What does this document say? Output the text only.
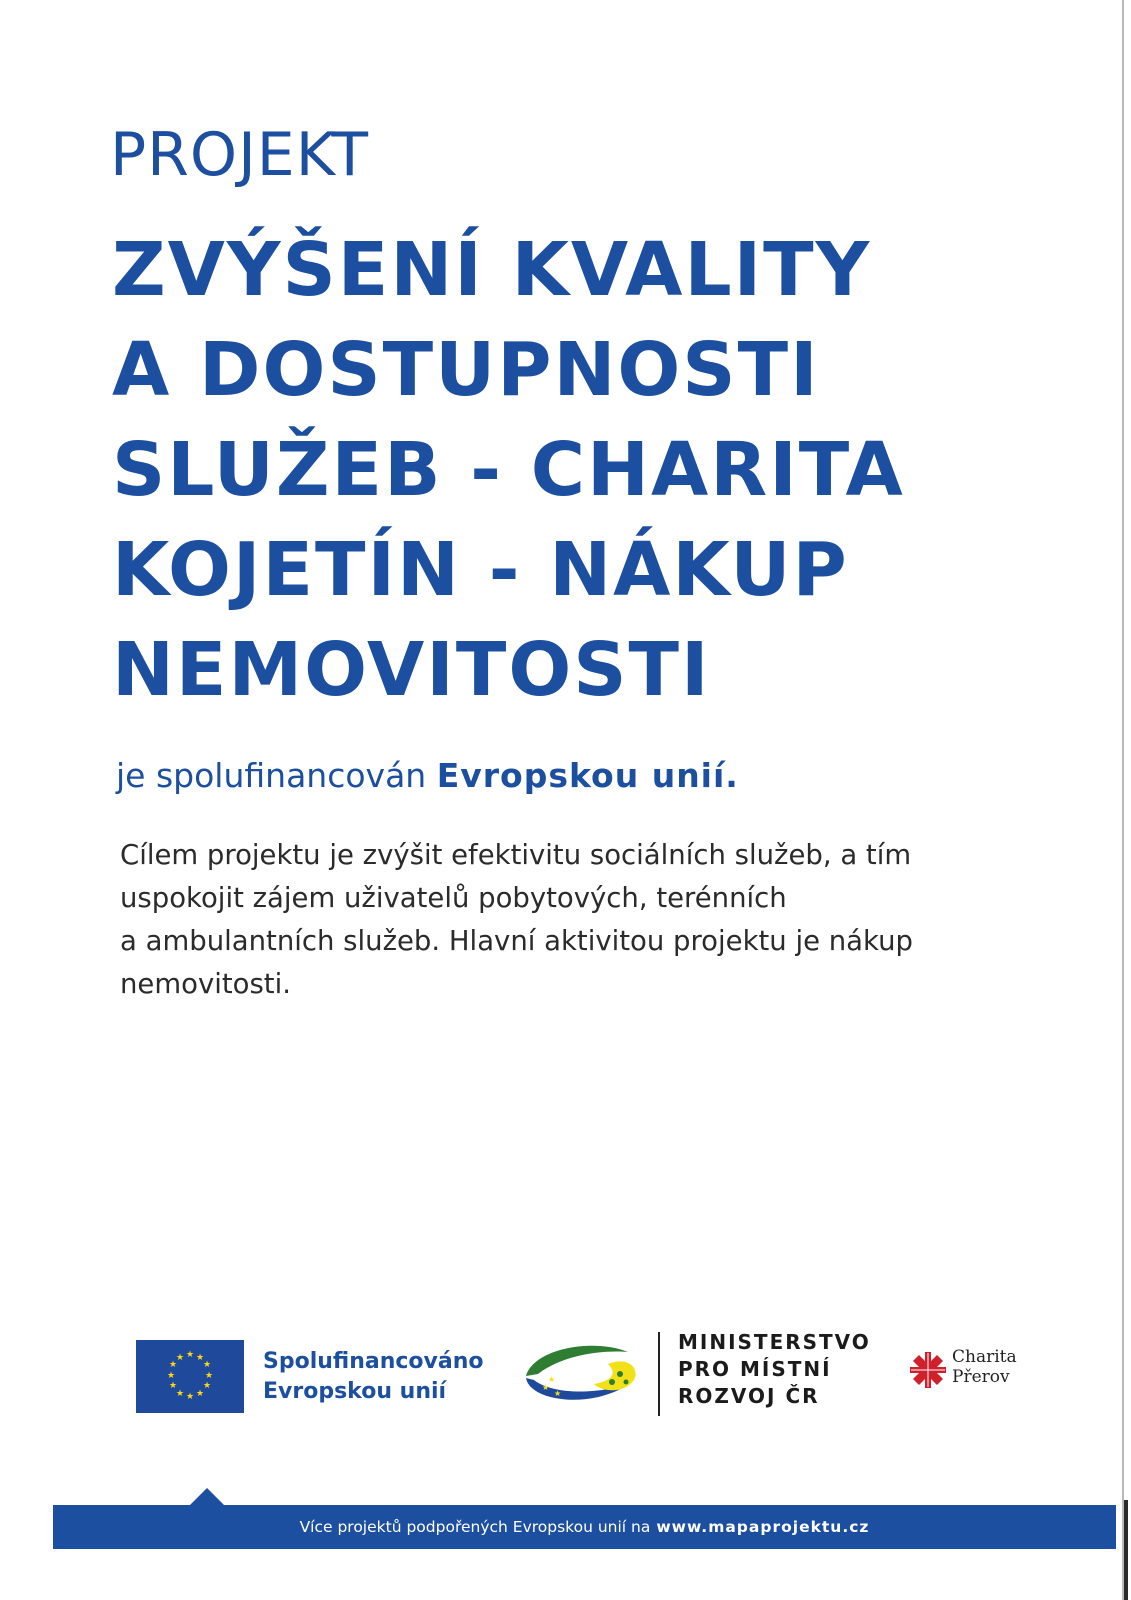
PROJEKT
ZVÝŠENÍ KVALITY
A DOSTUPNOSTI
SLUŽEB - CHARITA
KOJETÍN - NÁKUP
NEMOVITOSTI
je spolufinancován Evropskou unií.

Cílem projektu je zvýšit efektivitu sociálních služeb, a tím
uspokojit zájem uživatelů pobytových, terénních
a ambulantních služeb. Hlavní aktivitou projektu je nákup
nemovitosti.

★ ★
★
★
★
★
★
★
★
★
★
★	Spolufinancováno
Evropskou unií	★
★
★
MINISTERSTVO
PRO MÍSTNÍ
ROZVOJ ČR
Charita
Přerov
Více projektů podpořených Evropskou unií na www.mapaprojektu.cz
